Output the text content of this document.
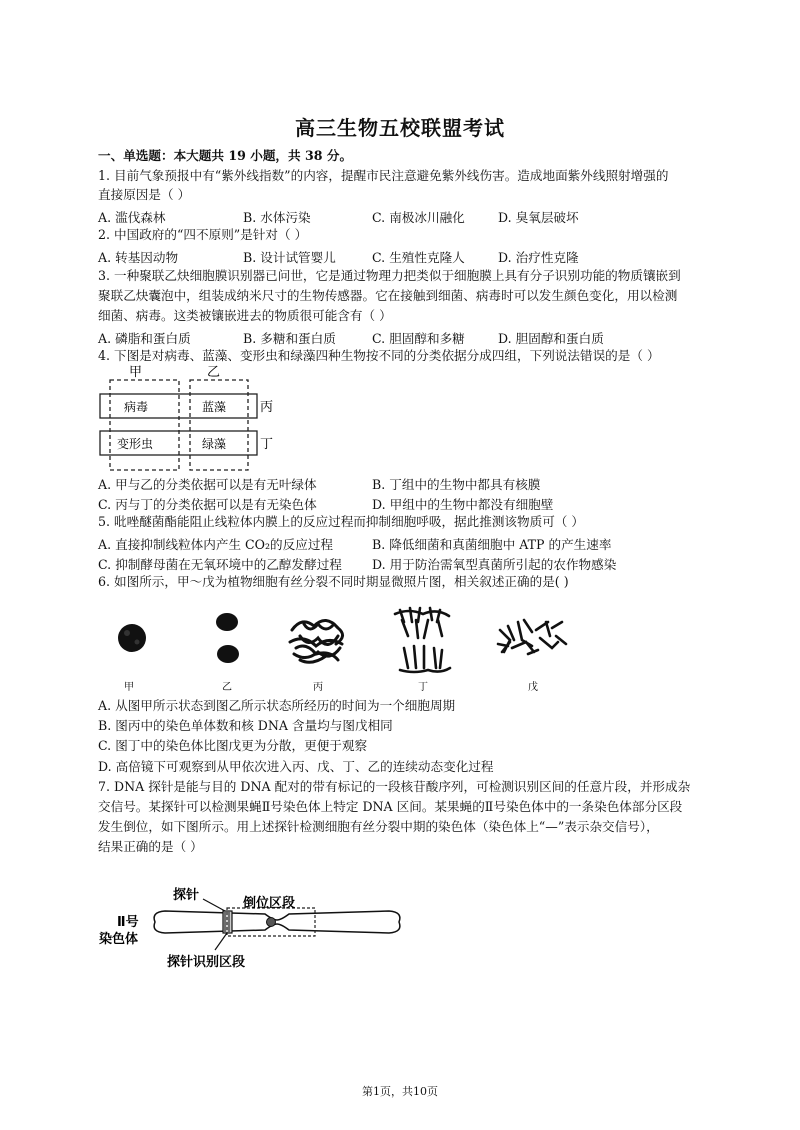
高三生物五校联盟考试
一、单选题：本大题共 19 小题，共 38 分。
1. 目前气象预报中有“紫外线指数”的内容，提醒市民注意避免紫外线伤害。造成地面紫外线照射增强的
直接原因是（ ）
A. 滥伐森林	B. 水体污染	C. 南极冰川融化	D. 臭氧层破坏
2. 中国政府的“四不原则”是针对（ ）
A. 转基因动物	B. 设计试管婴儿	C. 生殖性克隆人	D. 治疗性克隆
3. 一种聚联乙炔细胞膜识别器已问世，它是通过物理力把类似于细胞膜上具有分子识别功能的物质镶嵌到
聚联乙炔囊泡中，组装成纳米尺寸的生物传感器。它在接触到细菌、病毒时可以发生颜色变化，用以检测
细菌、病毒。这类被镶嵌进去的物质很可能含有（ ）
A. 磷脂和蛋白质	B. 多糖和蛋白质	C. 胆固醇和多糖	D. 胆固醇和蛋白质
4. 下图是对病毒、蓝藻、变形虫和绿藻四种生物按不同的分类依据分成四组，下列说法错误的是（ ）
甲	乙
丙
丁
病毒	蓝藻
变形虫	绿藻
A. 甲与乙的分类依据可以是有无叶绿体	B. 丁组中的生物中都具有核膜
C. 丙与丁的分类依据可以是有无染色体	D. 甲组中的生物中都没有细胞壁
5. 吡唑醚菌酯能阻止线粒体内膜上的反应过程而抑制细胞呼吸，据此推测该物质可（ ）
A. 直接抑制线粒体内产生 CO₂的反应过程	B. 降低细菌和真菌细胞中 ATP 的产生速率
C. 抑制酵母菌在无氧环境中的乙醇发酵过程 D. 用于防治需氧型真菌所引起的农作物感染
6. 如图所示，甲～戊为植物细胞有丝分裂不同时期显微照片图，相关叙述正确的是( )
甲	乙	丙	丁	戊
A. 从图甲所示状态到图乙所示状态所经历的时间为一个细胞周期
B. 图丙中的染色单体数和核 DNA 含量均与图戊相同
C. 图丁中的染色体比图戊更为分散，更便于观察
D. 高倍镜下可观察到从甲依次进入丙、戊、丁、乙的连续动态变化过程
7. DNA 探针是能与目的 DNA 配对的带有标记的一段核苷酸序列，可检测识别区间的任意片段，并形成杂
交信号。某探针可以检测果蝇Ⅱ号染色体上特定 DNA 区间。某果蝇的Ⅱ号染色体中的一条染色体部分区段
发生倒位，如下图所示。用上述探针检测细胞有丝分裂中期的染色体（染色体上“—”表示杂交信号），
结果正确的是（ ）
探针
倒位区段
Ⅱ号
染色体
探针识别区段
第1页，共10页
